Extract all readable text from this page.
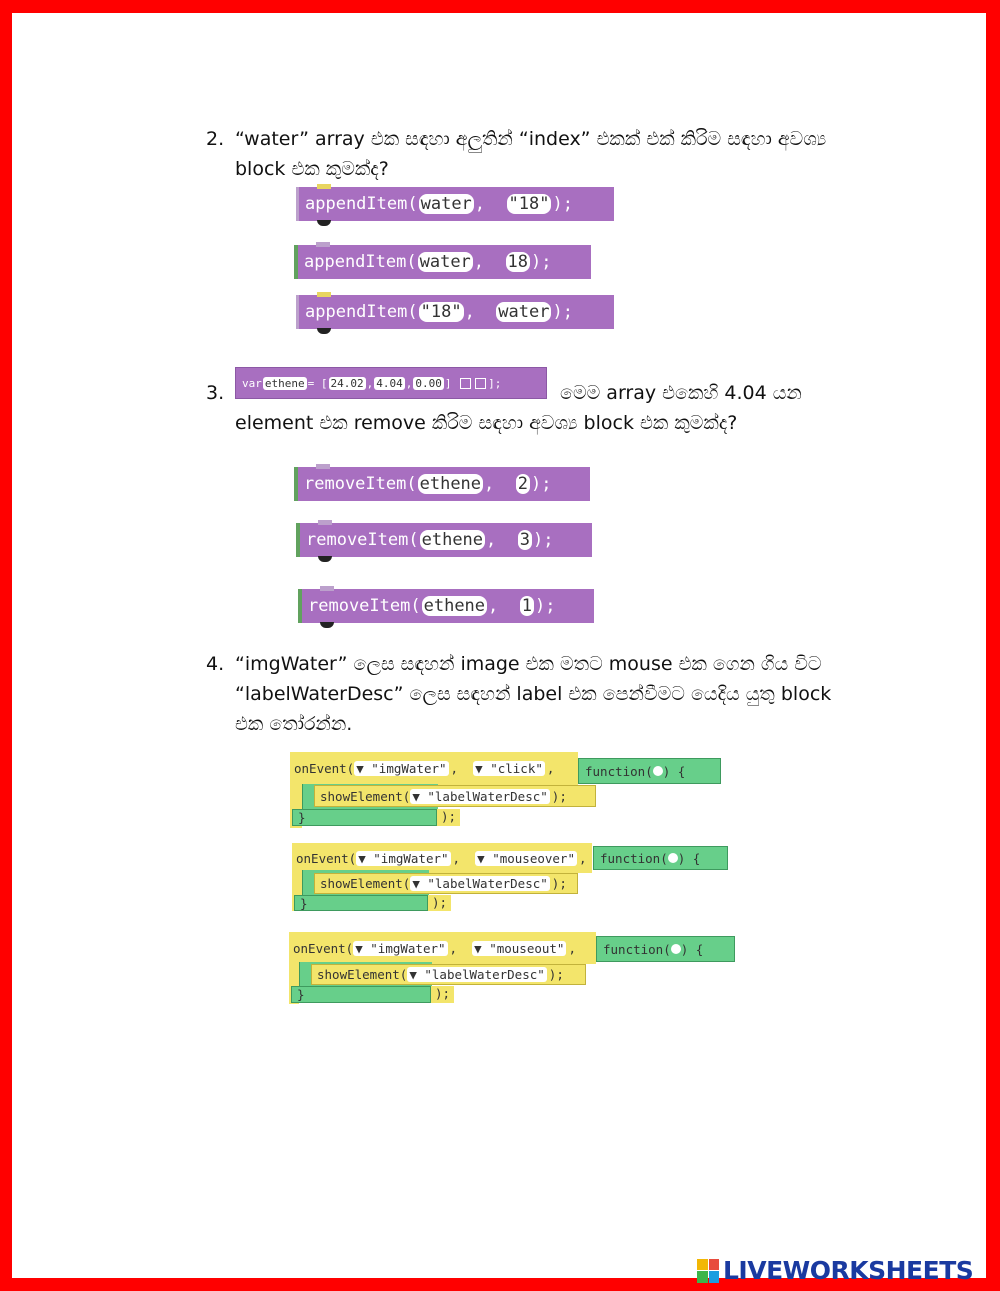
2. “water” array එක සඳහා අලුතින් “index” එකක් එක් කිරිම සඳහා අවශ්‍ය
block එක කුමක්ද?
appendItem ( water , "18" );

appendItem ( water , 18 );

appendItem ( "18" , water );

3.	var ethene = [ 24.02 , 4.04 , 0.00 ]	];	මෙම array එකෙහි 4.04 යන
element එක remove කිරිම සඳහා අවශ්‍ය block එක කුමක්ද?
removeItem ( ethene , 2 );

removeItem ( ethene , 3 );

removeItem ( ethene , 1 );

4. “imgWater” ලෙස සඳහන් image එක මතට mouse එක ගෙන ගිය විට
“labelWaterDesc” ලෙස සඳහන් label එක පෙන්වීමට යෙදිය යුතු block
එක තෝරන්න.
onEvent( ▼ "imgWater" , ▼ "click" , function( ) {
showElement( ▼ "labelWaterDesc" );
}	);
onEvent( ▼ "imgWater" , ▼ "mouseover" , function( ) {
showElement( ▼ "labelWaterDesc" );
}	);
onEvent( ▼ "imgWater" , ▼ "mouseout" , function( ) {
showElement( ▼ "labelWaterDesc" );
}	);
LIVEWORKSHEETS
